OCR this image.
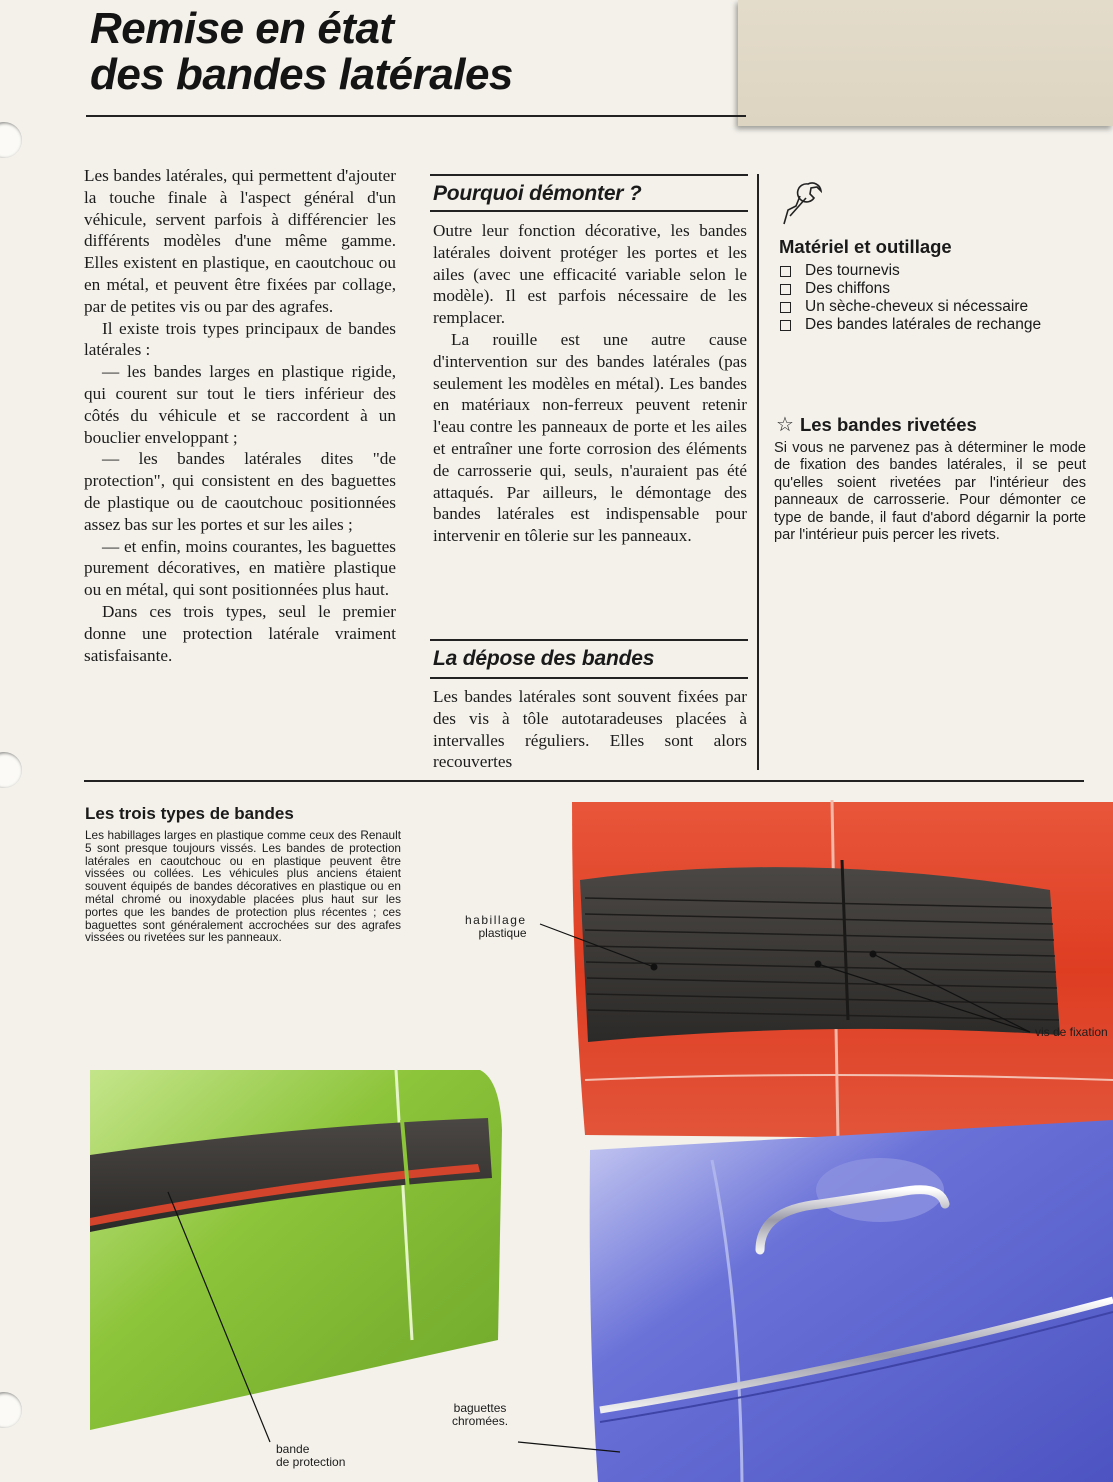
Remise en état
des bandes latérales

Les bandes latérales, qui permettent d'ajouter la touche finale à l'aspect général d'un véhicule, servent parfois à différencier les différents modèles d'une même gamme. Elles existent en plastique, en caoutchouc ou en métal, et peuvent être fixées par collage, par de petites vis ou par des agrafes.

Il existe trois types principaux de bandes latérales :

— les bandes larges en plastique rigide, qui courent sur tout le tiers inférieur des côtés du véhicule et se raccordent à un bouclier enveloppant ;

— les bandes latérales dites "de protection", qui consistent en des baguettes de plastique ou de caoutchouc positionnées assez bas sur les portes et sur les ailes ;

— et enfin, moins courantes, les baguettes purement décoratives, en matière plastique ou en métal, qui sont positionnées plus haut.

Dans ces trois types, seul le premier donne une protection latérale vraiment satisfaisante.

Pourquoi démonter ?

Outre leur fonction décorative, les bandes latérales doivent protéger les portes et les ailes (avec une efficacité variable selon le modèle). Il est parfois nécessaire de les remplacer.

La rouille est une autre cause d'intervention sur des bandes latérales (pas seulement les modèles en métal). Les bandes en matériaux non-ferreux peuvent retenir l'eau contre les panneaux de porte et les ailes et entraîner une forte corrosion des éléments de carrosserie qui, seuls, n'auraient pas été attaqués. Par ailleurs, le démontage des bandes latérales est indispensable pour intervenir en tôlerie sur les panneaux.

La dépose des bandes

Les bandes latérales sont souvent fixées par des vis à tôle autotaradeuses placées à intervalles réguliers. Elles sont alors recouvertes

Matériel et outillage
Des tournevis
Des chiffons
Un sèche-cheveux si nécessaire
Des bandes latérales de rechange
☆ Les bandes rivetées
Si vous ne parvenez pas à déterminer le mode de fixation des bandes latérales, il se peut qu'elles soient rivetées par l'intérieur des panneaux de carrosserie. Pour démonter ce type de bande, il faut d'abord dégarnir la porte par l'intérieur puis percer les rivets.
Les trois types de bandes
Les habillages larges en plastique comme ceux des Renault 5 sont presque toujours vissés. Les bandes de protection latérales en caoutchouc ou en plastique peuvent être vissées ou collées. Les véhicules plus anciens étaient souvent équipés de bandes décoratives en plastique ou en métal chromé ou inoxydable placées plus haut sur les portes que les bandes de protection plus récentes ; ces baguettes sont généralement accrochées sur des agrafes vissées ou rivetées sur les panneaux.
habillage
plastique
vis de fixation
baguettes
chromées.
bande
de protection
